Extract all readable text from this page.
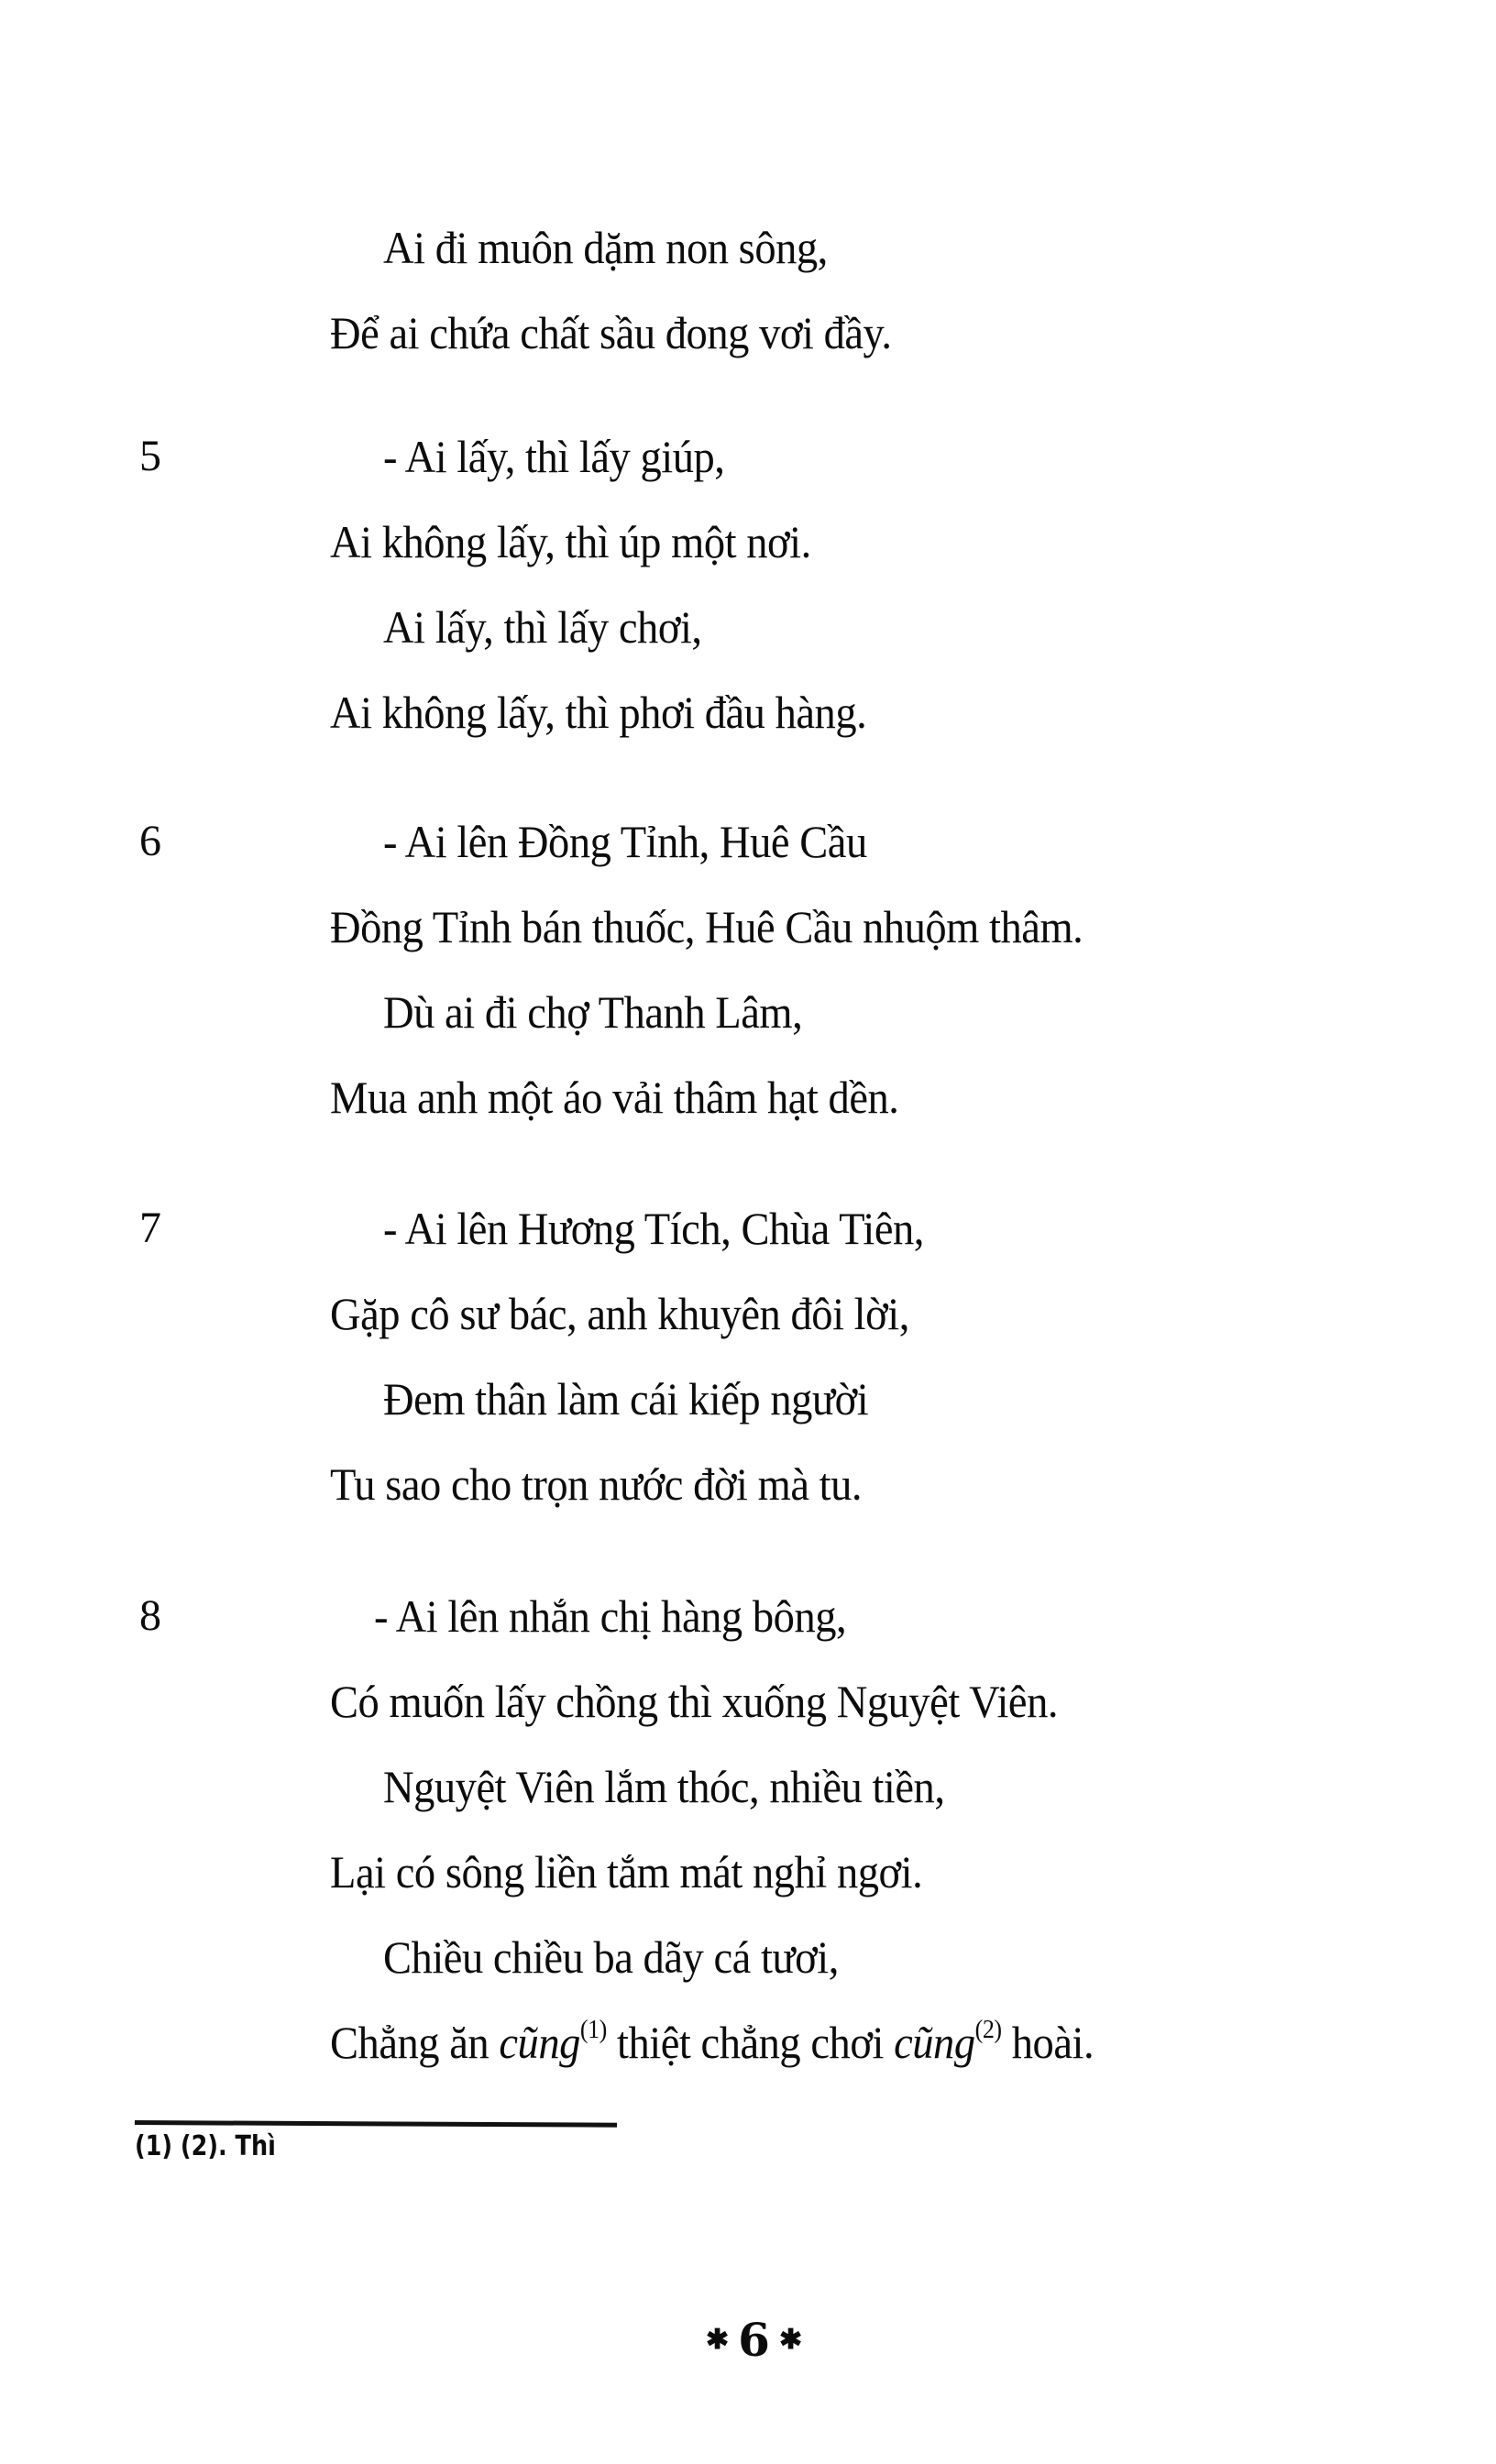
Ai đi muôn dặm non sông,
Để ai chứa chất sầu đong vơi đầy.
5	- Ai lấy, thì lấy giúp,
Ai không lấy, thì úp một nơi.
Ai lấy, thì lấy chơi,
Ai không lấy, thì phơi đầu hàng.
6	- Ai lên Đồng Tỉnh, Huê Cầu
Đồng Tỉnh bán thuốc, Huê Cầu nhuộm thâm.
Dù ai đi chợ Thanh Lâm,
Mua anh một áo vải thâm hạt dền.
7	- Ai lên Hương Tích, Chùa Tiên,
Gặp cô sư bác, anh khuyên đôi lời,
Đem thân làm cái kiếp người
Tu sao cho trọn nước đời mà tu.
8	- Ai lên nhắn chị hàng bông,
Có muốn lấy chồng thì xuống Nguyệt Viên.
Nguyệt Viên lắm thóc, nhiều tiền,
Lại có sông liền tắm mát nghỉ ngơi.
Chiều chiều ba dãy cá tươi,
Chẳng ăn cũng$^{(1)}$ thiệt chẳng chơi cũng$^{(2)}$ hoài.
(1) (2). Thì
✱ 6 ✱
